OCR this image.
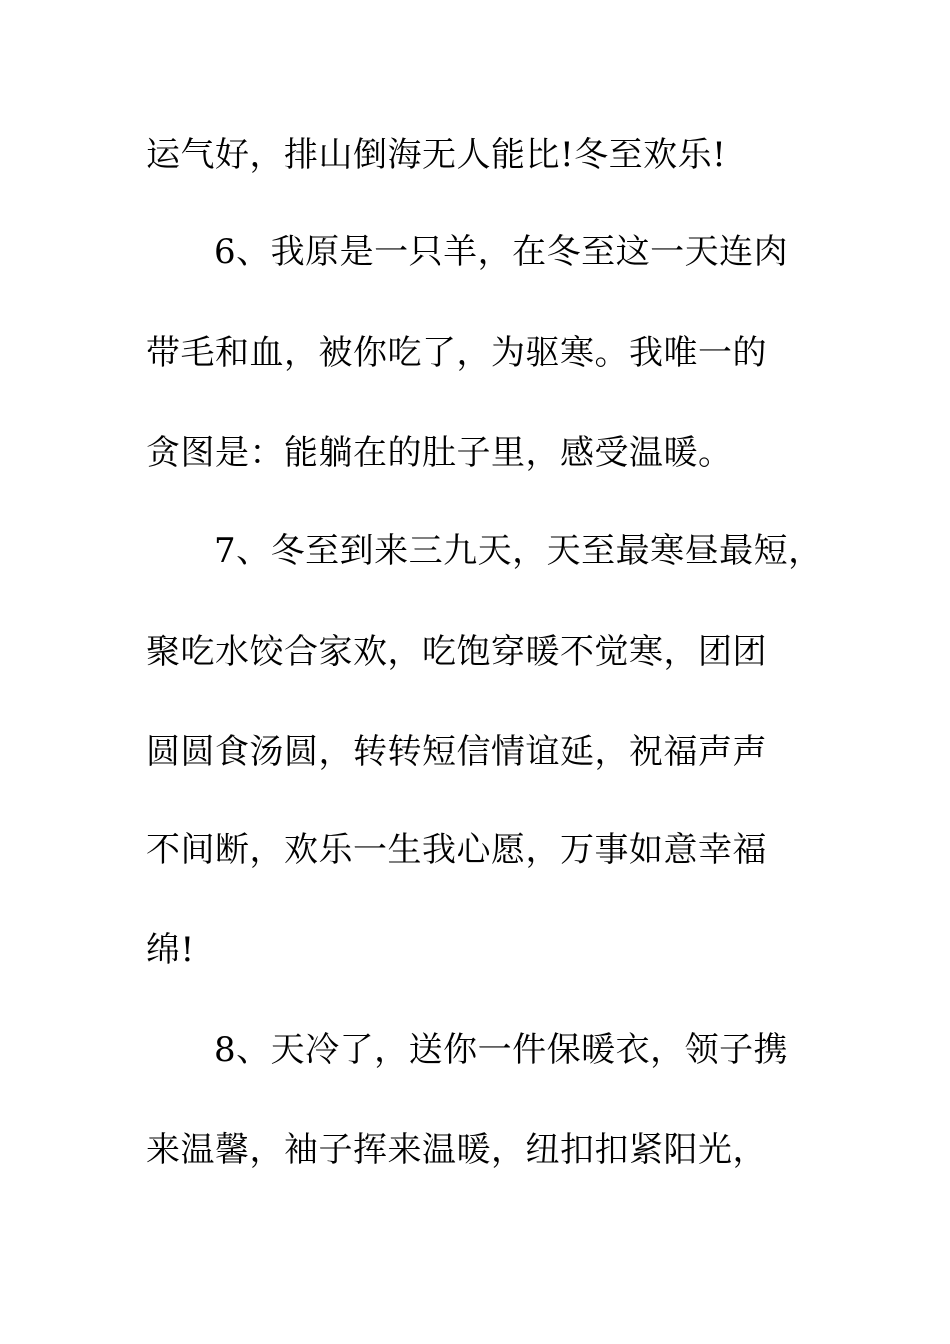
运气好，排山倒海无人能比!冬至欢乐!
6、我原是一只羊，在冬至这一天连肉
带毛和血，被你吃了，为驱寒。我唯一的
贪图是：能躺在的肚子里，感受温暖。
7、冬至到来三九天，天至最寒昼最短，
聚吃水饺合家欢，吃饱穿暖不觉寒，团团
圆圆食汤圆，转转短信情谊延，祝福声声
不间断，欢乐一生我心愿，万事如意幸福
绵!
8、天冷了，送你一件保暖衣，领子携
来温馨，袖子挥来温暖，纽扣扣紧阳光，
